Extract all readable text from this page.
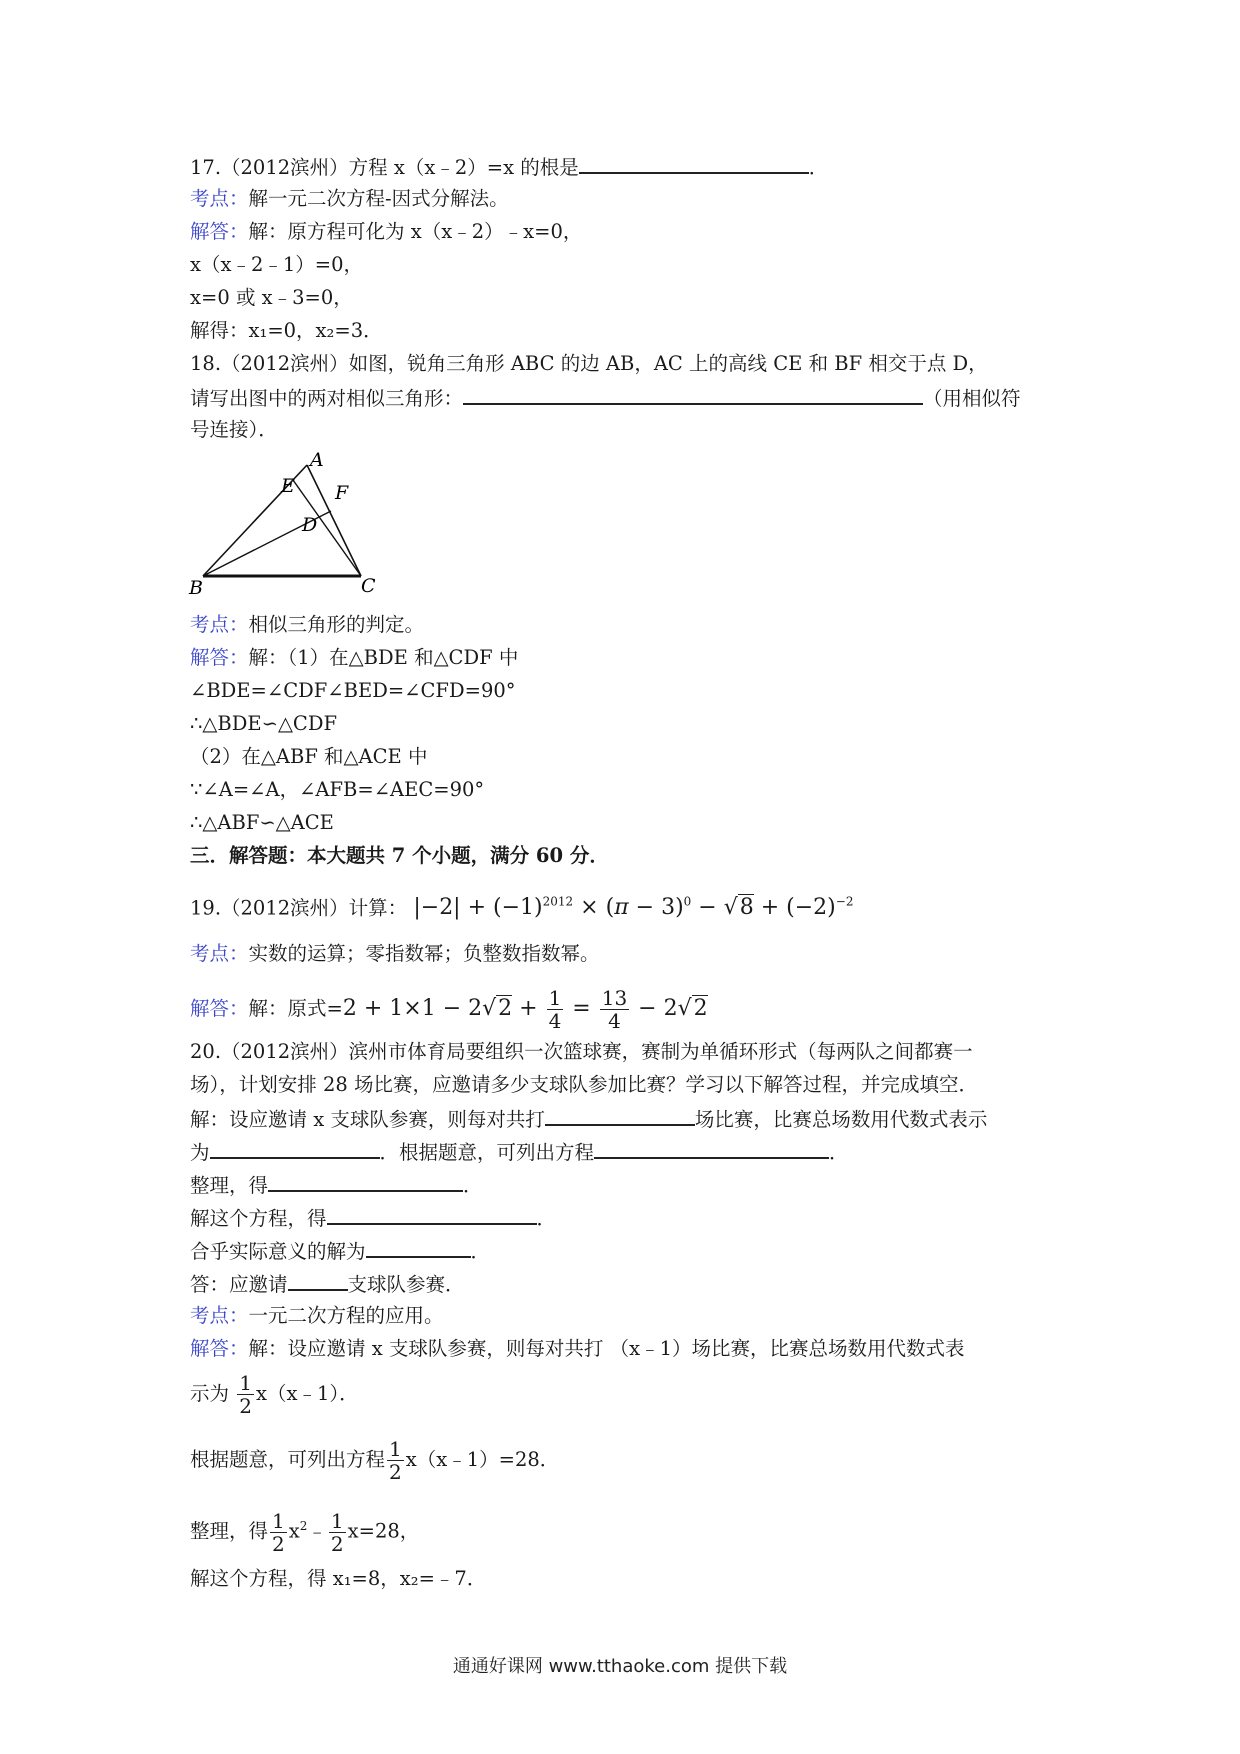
17.（2012滨州）方程 x（x﹣2）=x 的根是	．
考点：解一元二次方程-因式分解法。
解答：解：原方程可化为 x（x﹣2）﹣x=0，
x（x﹣2﹣1）=0，
x=0 或 x﹣3=0，
解得：x₁=0，x₂=3．
18.（2012滨州）如图，锐角三角形 ABC 的边 AB，AC 上的高线 CE 和 BF 相交于点 D，
请写出图中的两对相似三角形：	（用相似符
号连接）．
A
E F
D
B	C
考点：相似三角形的判定。
解答：解：（1）在△BDE 和△CDF 中
∠BDE=∠CDF∠BED=∠CFD=90°
∴△BDE∽△CDF
（2）在△ABF 和△ACE 中
∵∠A=∠A，∠AFB=∠AEC=90°
∴△ABF∽△ACE
三．解答题：本大题共 7 个小题，满分 60 分．
19.（2012滨州）计算： $|-2| + (-1)^{2012} \times (\pi - 3)^0 - √8 + (-2)^{-2}$
考点：实数的运算；零指数幂；负整数指数幂。
解答：解：原式$=2 + 1\times 1 - 2√2 + \frac{1}{4} = \frac{13}{4} - 2√2$
20.（2012滨州）滨州市体育局要组织一次篮球赛，赛制为单循环形式（每两队之间都赛一
场），计划安排 28 场比赛，应邀请多少支球队参加比赛？学习以下解答过程，并完成填空．
解：设应邀请 x 支球队参赛，则每对共打	场比赛，比赛总场数用代数式表示
为	．根据题意，可列出方程	．
整理，得	．
解这个方程，得	．
合乎实际意义的解为	．
答：应邀请	支球队参赛．
考点：一元二次方程的应用。
解答：解：设应邀请 x 支球队参赛，则每对共打 （x﹣1）场比赛，比赛总场数用代数式表
示为 $\frac{1}{2}$ x（x﹣1）．
根据题意，可列出方程 $\frac{1}{2}$ x（x﹣1）=28．
整理，得 $\frac{1}{2}$ $x^2﹣ \frac{1}{2} x=28$，
解这个方程，得 x₁=8，x₂=﹣7．
通通好课网 www.tthaoke.com 提供下载
